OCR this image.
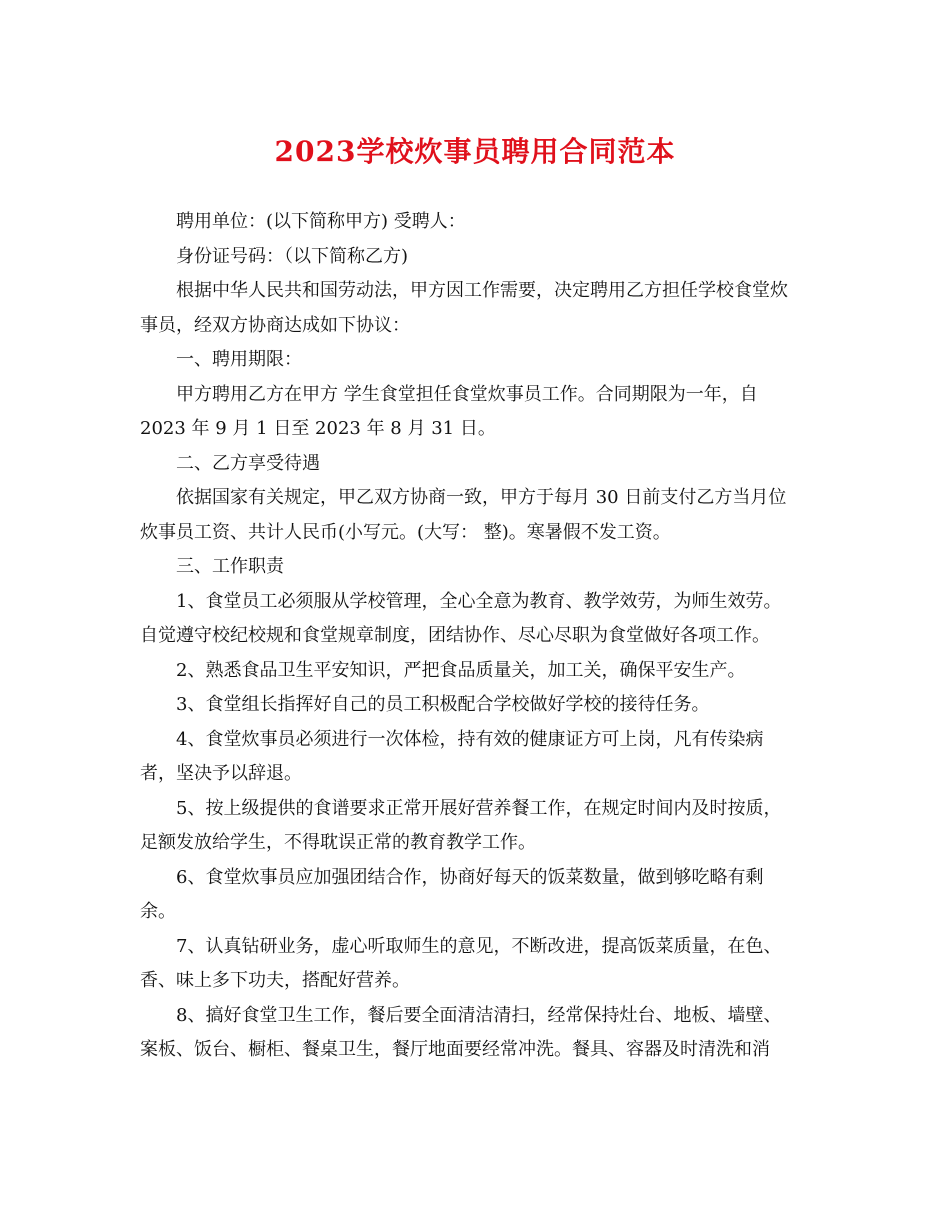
2023学校炊事员聘用合同范本
聘用单位：(以下简称甲方) 受聘人：
身份证号码：（以下简称乙方)
根据中华人民共和国劳动法，甲方因工作需要，决定聘用乙方担任学校食堂炊
事员，经双方协商达成如下协议：
一、聘用期限：
甲方聘用乙方在甲方 学生食堂担任食堂炊事员工作。合同期限为一年，自
2023 年 9 月 1 日至 2023 年 8 月 31 日。
二、乙方享受待遇
依据国家有关规定，甲乙双方协商一致，甲方于每月 30 日前支付乙方当月位
炊事员工资、共计人民币(小写元。(大写： 整)。寒暑假不发工资。
三、工作职责
1、食堂员工必须服从学校管理，全心全意为教育、教学效劳，为师生效劳。
自觉遵守校纪校规和食堂规章制度，团结协作、尽心尽职为食堂做好各项工作。
2、熟悉食品卫生平安知识，严把食品质量关，加工关，确保平安生产。
3、食堂组长指挥好自己的员工积极配合学校做好学校的接待任务。
4、食堂炊事员必须进行一次体检，持有效的健康证方可上岗，凡有传染病
者，坚决予以辞退。
5、按上级提供的食谱要求正常开展好营养餐工作，在规定时间内及时按质，
足额发放给学生，不得耽误正常的教育教学工作。
6、食堂炊事员应加强团结合作，协商好每天的饭菜数量，做到够吃略有剩
余。
7、认真钻研业务，虚心听取师生的意见，不断改进，提高饭菜质量，在色、
香、味上多下功夫，搭配好营养。
8、搞好食堂卫生工作，餐后要全面清洁清扫，经常保持灶台、地板、墙壁、
案板、饭台、橱柜、餐桌卫生，餐厅地面要经常冲洗。餐具、容器及时清洗和消
